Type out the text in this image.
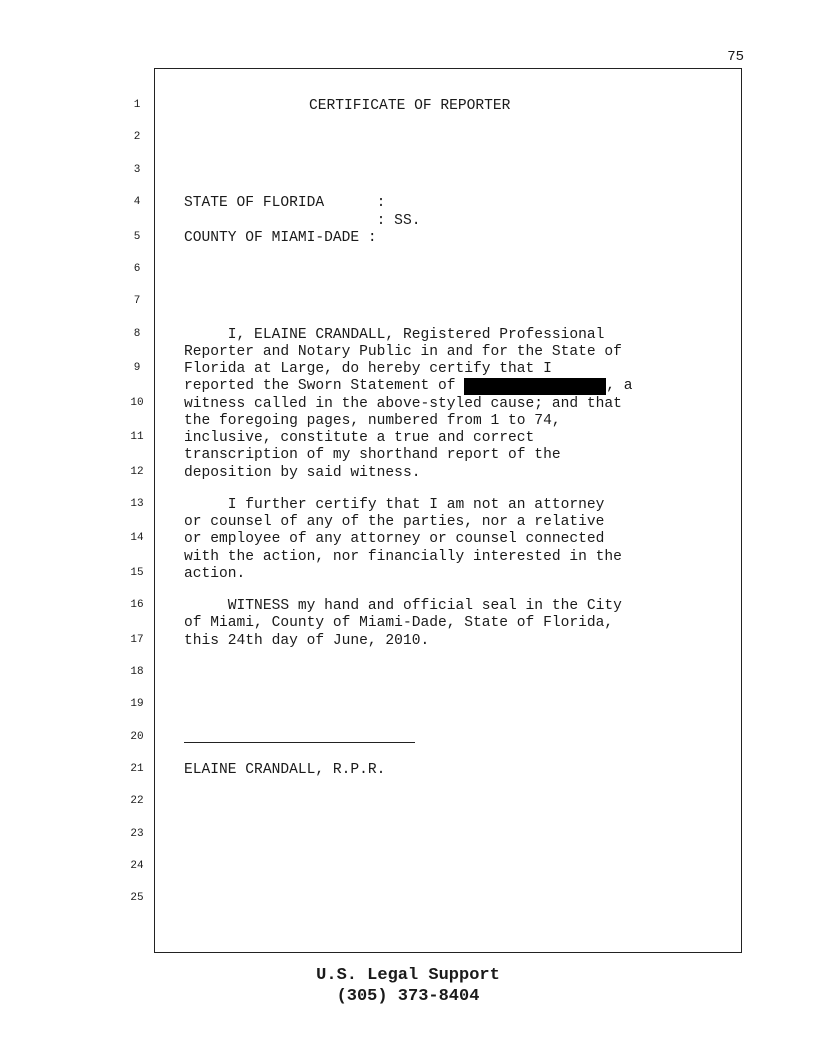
75
1
2
3
4
5
6
7
8
9
10
11
12
13
14
15
16
17
18
19
20
21
22
23
24
25
CERTIFICATE OF REPORTER
STATE OF FLORIDA      :
: SS.
COUNTY OF MIAMI-DADE :
I, ELAINE CRANDALL, Registered Professional
Reporter and Notary Public in and for the State of
Florida at Large, do hereby certify that I
reported the Sworn Statement of	, a
witness called in the above-styled cause; and that
the foregoing pages, numbered from 1 to 74,
inclusive, constitute a true and correct
transcription of my shorthand report of the
deposition by said witness.
I further certify that I am not an attorney
or counsel of any of the parties, nor a relative
or employee of any attorney or counsel connected
with the action, nor financially interested in the
action.
WITNESS my hand and official seal in the City
of Miami, County of Miami-Dade, State of Florida,
this 24th day of June, 2010.
ELAINE CRANDALL, R.P.R.
U.S. Legal Support
(305) 373-8404
